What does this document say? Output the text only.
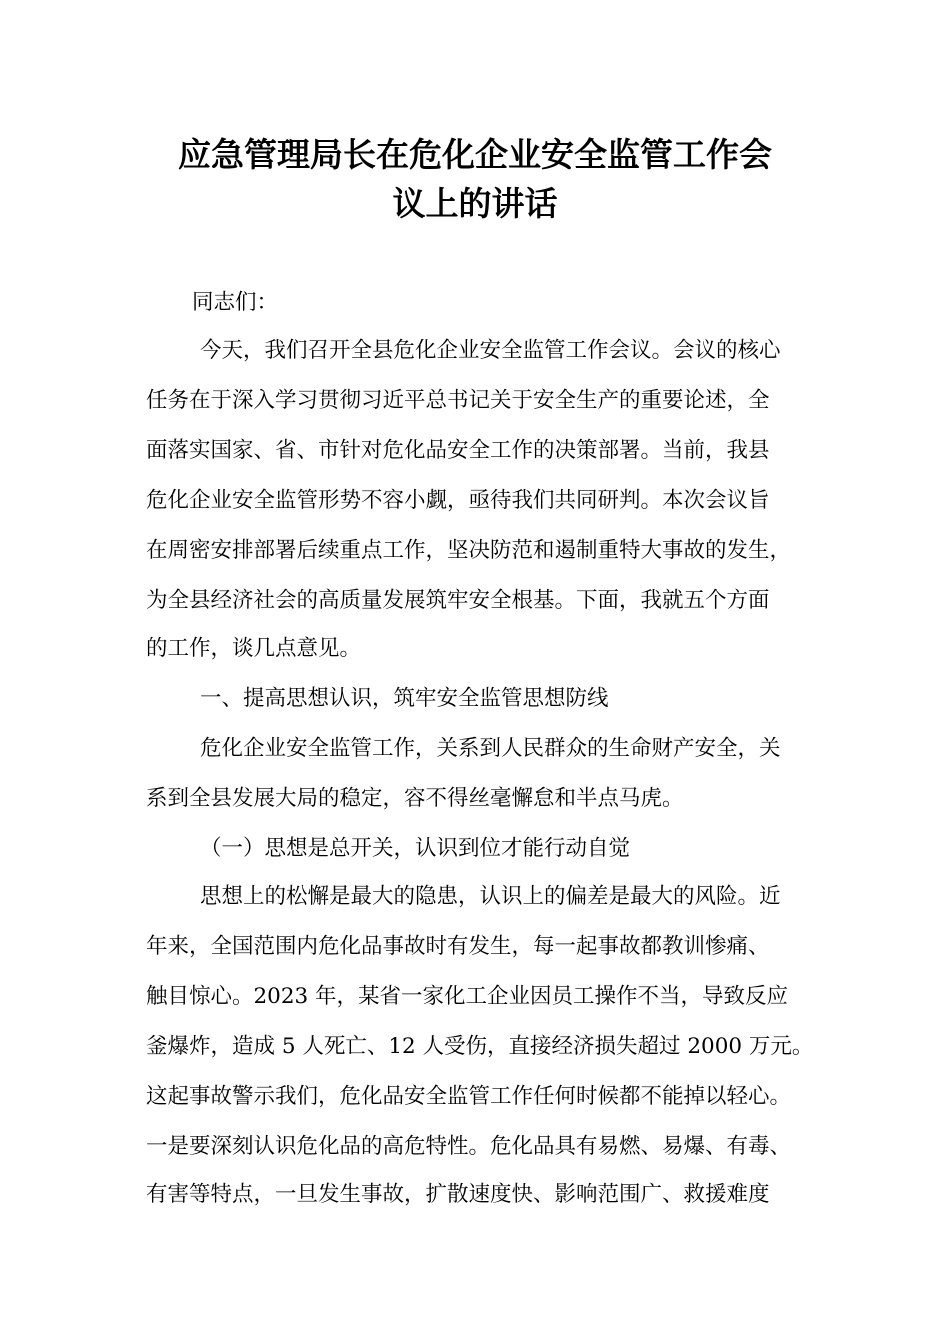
应急管理局长在危化企业安全监管工作会
议上的讲话
同志们：
今天，我们召开全县危化企业安全监管工作会议。会议的核心
任务在于深入学习贯彻习近平总书记关于安全生产的重要论述，全
面落实国家、省、市针对危化品安全工作的决策部署。当前，我县
危化企业安全监管形势不容小觑，亟待我们共同研判。本次会议旨
在周密安排部署后续重点工作，坚决防范和遏制重特大事故的发生，
为全县经济社会的高质量发展筑牢安全根基。下面，我就五个方面
的工作，谈几点意见。
一、提高思想认识，筑牢安全监管思想防线
危化企业安全监管工作，关系到人民群众的生命财产安全，关
系到全县发展大局的稳定，容不得丝毫懈怠和半点马虎。
（一）思想是总开关，认识到位才能行动自觉
思想上的松懈是最大的隐患，认识上的偏差是最大的风险。近
年来，全国范围内危化品事故时有发生，每一起事故都教训惨痛、
触目惊心。2023 年，某省一家化工企业因员工操作不当，导致反应
釜爆炸，造成 5 人死亡、12 人受伤，直接经济损失超过 2000 万元。
这起事故警示我们，危化品安全监管工作任何时候都不能掉以轻心。
一是要深刻认识危化品的高危特性。危化品具有易燃、易爆、有毒、
有害等特点，一旦发生事故，扩散速度快、影响范围广、救援难度
